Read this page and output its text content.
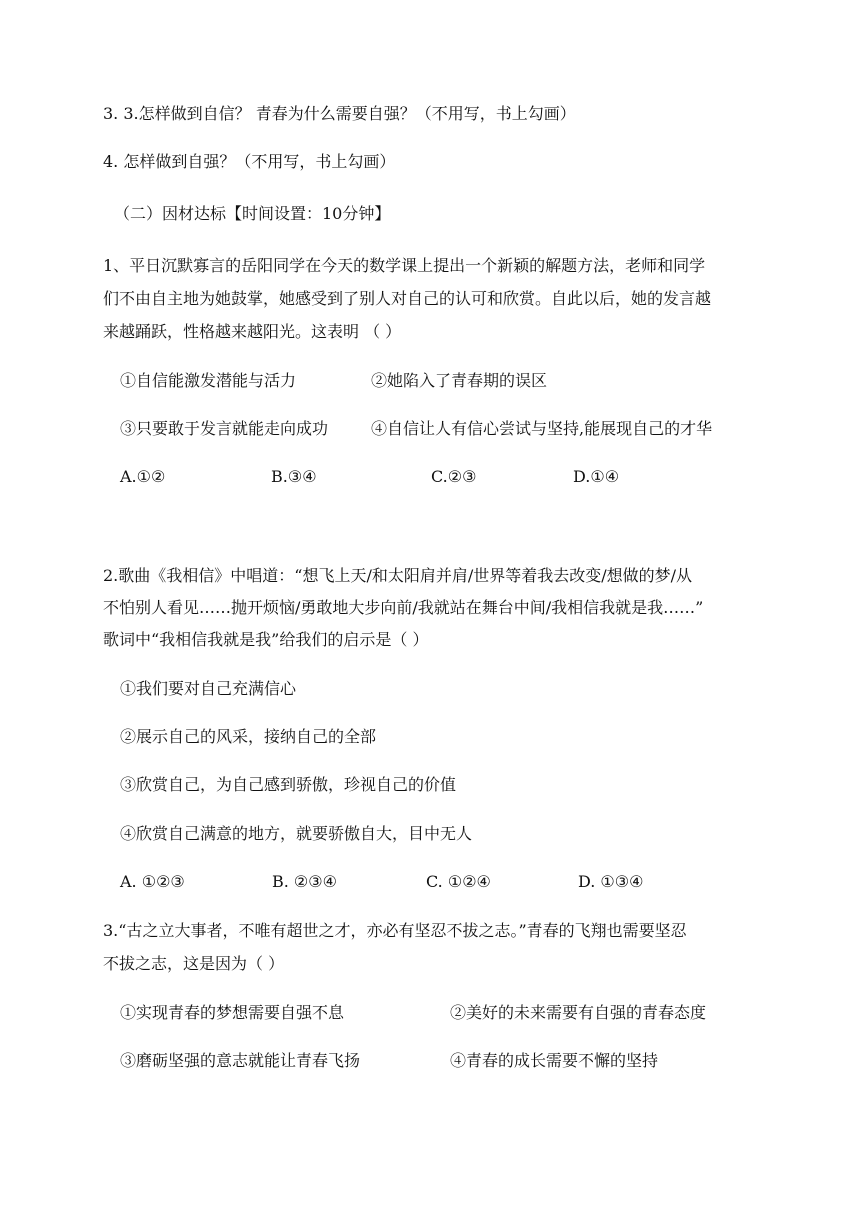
3. 3.怎样做到自信？ 青春为什么需要自强？（不用写，书上勾画）
4. 怎样做到自强？（不用写，书上勾画）
（二）因材达标【时间设置：10分钟】
1、平日沉默寡言的岳阳同学在今天的数学课上提出一个新颖的解题方法，老师和同学
们不由自主地为她鼓掌，她感受到了别人对自己的认可和欣赏。自此以后，她的发言越
来越踊跃，性格越来越阳光。这表明 （ ）
①自信能激发潜能与活力	②她陷入了青春期的误区
③只要敢于发言就能走向成功	④自信让人有信心尝试与坚持,能展现自己的才华
A.①②	B.③④	C.②③	D.①④
2.歌曲《我相信》中唱道：“想飞上天/和太阳肩并肩/世界等着我去改变/想做的梦/从
不怕别人看见……抛开烦恼/勇敢地大步向前/我就站在舞台中间/我相信我就是我……”
歌词中“我相信我就是我”给我们的启示是（ ）
①我们要对自己充满信心
②展示自己的风采，接纳自己的全部
③欣赏自己，为自己感到骄傲，珍视自己的价值
④欣赏自己满意的地方，就要骄傲自大，目中无人
A. ①②③	B. ②③④	C. ①②④	D. ①③④
3.“古之立大事者，不唯有超世之才，亦必有坚忍不拔之志。”青春的飞翔也需要坚忍
不拔之志，这是因为（ ）
①实现青春的梦想需要自强不息	②美好的未来需要有自强的青春态度
③磨砺坚强的意志就能让青春飞扬	④青春的成长需要不懈的坚持
